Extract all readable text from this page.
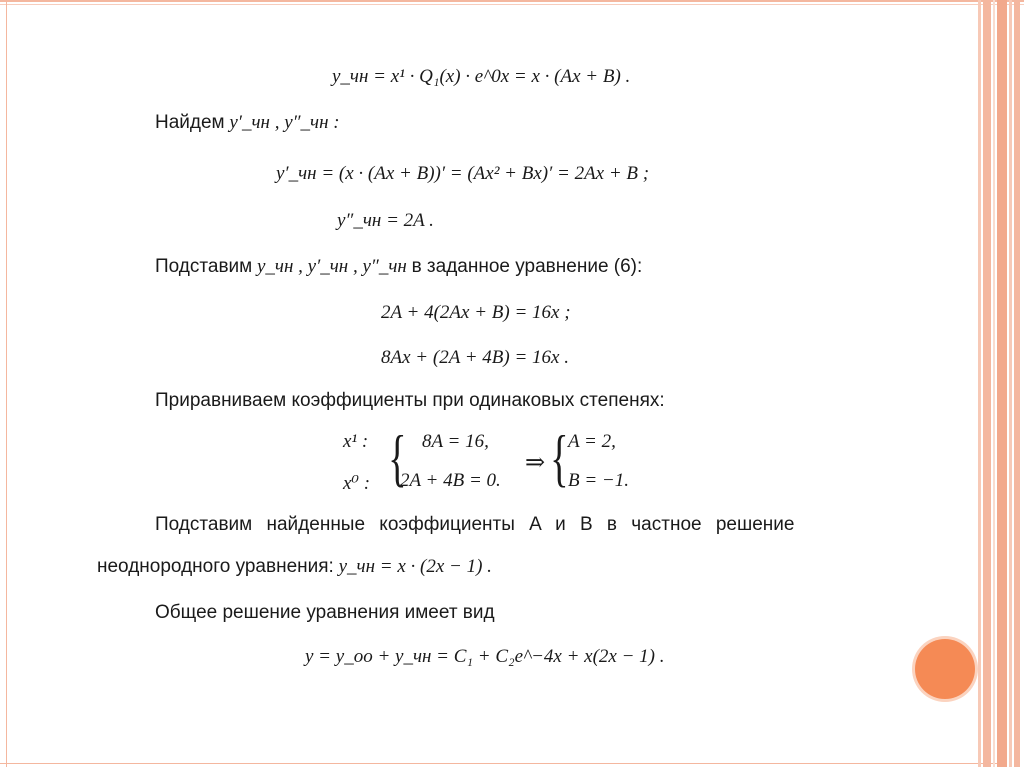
y_чн = x¹ · Q₁(x) · e^0x = x · (Ax + B) .
Найдем y′_чн , y″_чн :
y′_чн = (x · (Ax + B))′ = (Ax² + Bx)′ = 2Ax + B ;
y″_чн = 2A .
Подставим y_чн , y′_чн , y″_чн в заданное уравнение (6):
2A + 4(2Ax + B) = 16x ;
8Ax + (2A + 4B) = 16x .
Приравниваем коэффициенты при одинаковых степенях:
x¹ :
x⁰ : { 8A = 16,
2A + 4B = 0.
⇒ { A = 2,
B = −1.
Подставим найденные коэффициенты A и B в частное решение
неоднородного уравнения: y_чн = x · (2x − 1) .
Общее решение уравнения имеет вид
y = y_оо + y_чн = C₁ + C₂e^−4x + x(2x − 1) .
